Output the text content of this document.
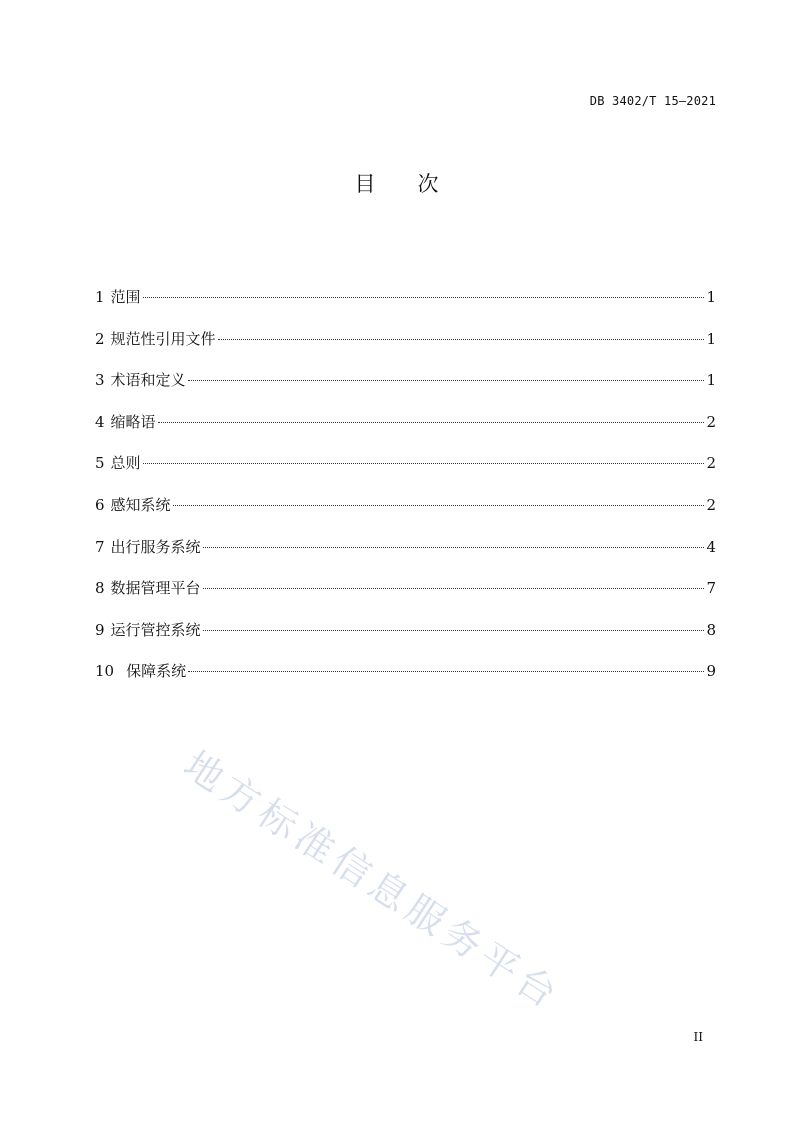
DB 3402/T 15—2021
目 次
1 范围	1
2 规范性引用文件	1
3 术语和定义	1
4 缩略语	2
5 总则	2
6 感知系统	2
7 出行服务系统	4
8 数据管理平台	7
9 运行管控系统	8
10 保障系统	9
地方标准信息服务平台
II
